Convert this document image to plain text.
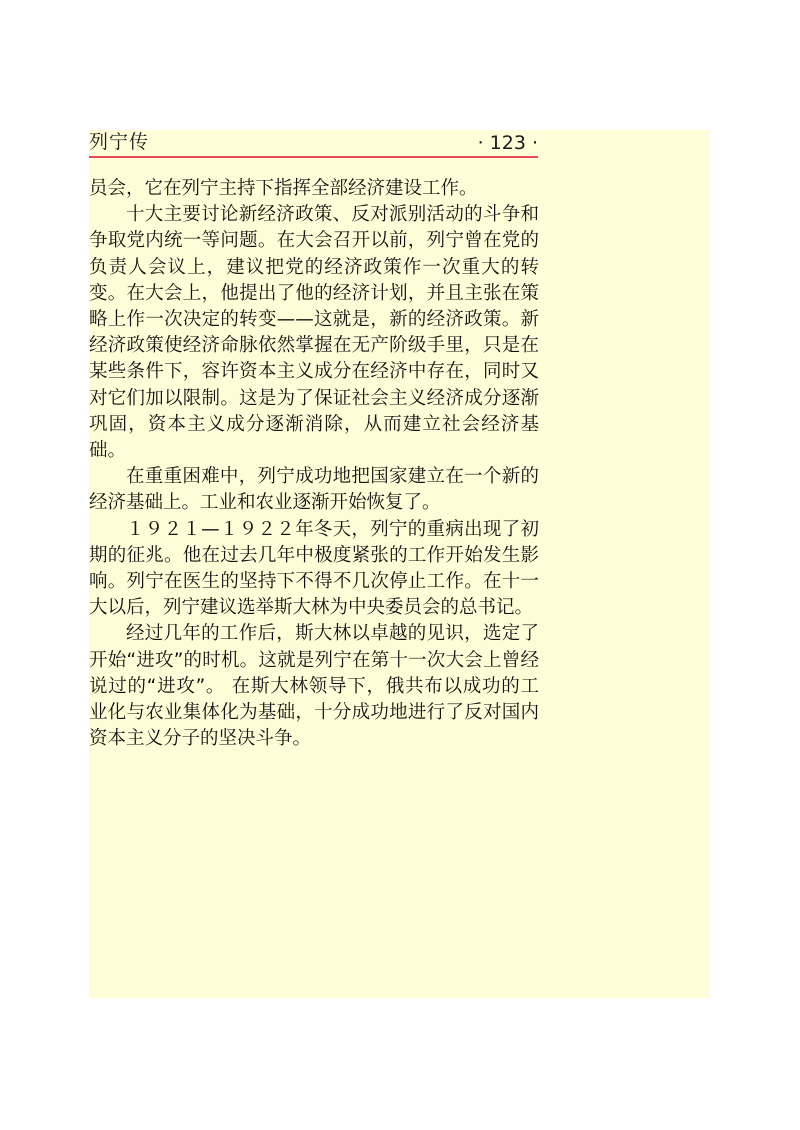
列宁传	· 123 ·

员会，它在列宁主持下指挥全部经济建设工作。

十大主要讨论新经济政策、反对派别活动的斗争和争取党内统一等问题。在大会召开以前，列宁曾在党的负责人会议上，建议把党的经济政策作一次重大的转变。在大会上，他提出了他的经济计划，并且主张在策略上作一次决定的转变——这就是，新的经济政策。新经济政策使经济命脉依然掌握在无产阶级手里，只是在某些条件下，容许资本主义成分在经济中存在，同时又对它们加以限制。这是为了保证社会主义经济成分逐渐巩固，资本主义成分逐渐消除，从而建立社会经济基础。

在重重困难中，列宁成功地把国家建立在一个新的经济基础上。工业和农业逐渐开始恢复了。

１９２１—１９２２年冬天，列宁的重病出现了初期的征兆。他在过去几年中极度紧张的工作开始发生影响。列宁在医生的坚持下不得不几次停止工作。在十一大以后，列宁建议选举斯大林为中央委员会的总书记。

经过几年的工作后，斯大林以卓越的见识，选定了开始“进攻”的时机。这就是列宁在第十一次大会上曾经说过的“进攻”。 在斯大林领导下，俄共布以成功的工业化与农业集体化为基础，十分成功地进行了反对国内资本主义分子的坚决斗争。
